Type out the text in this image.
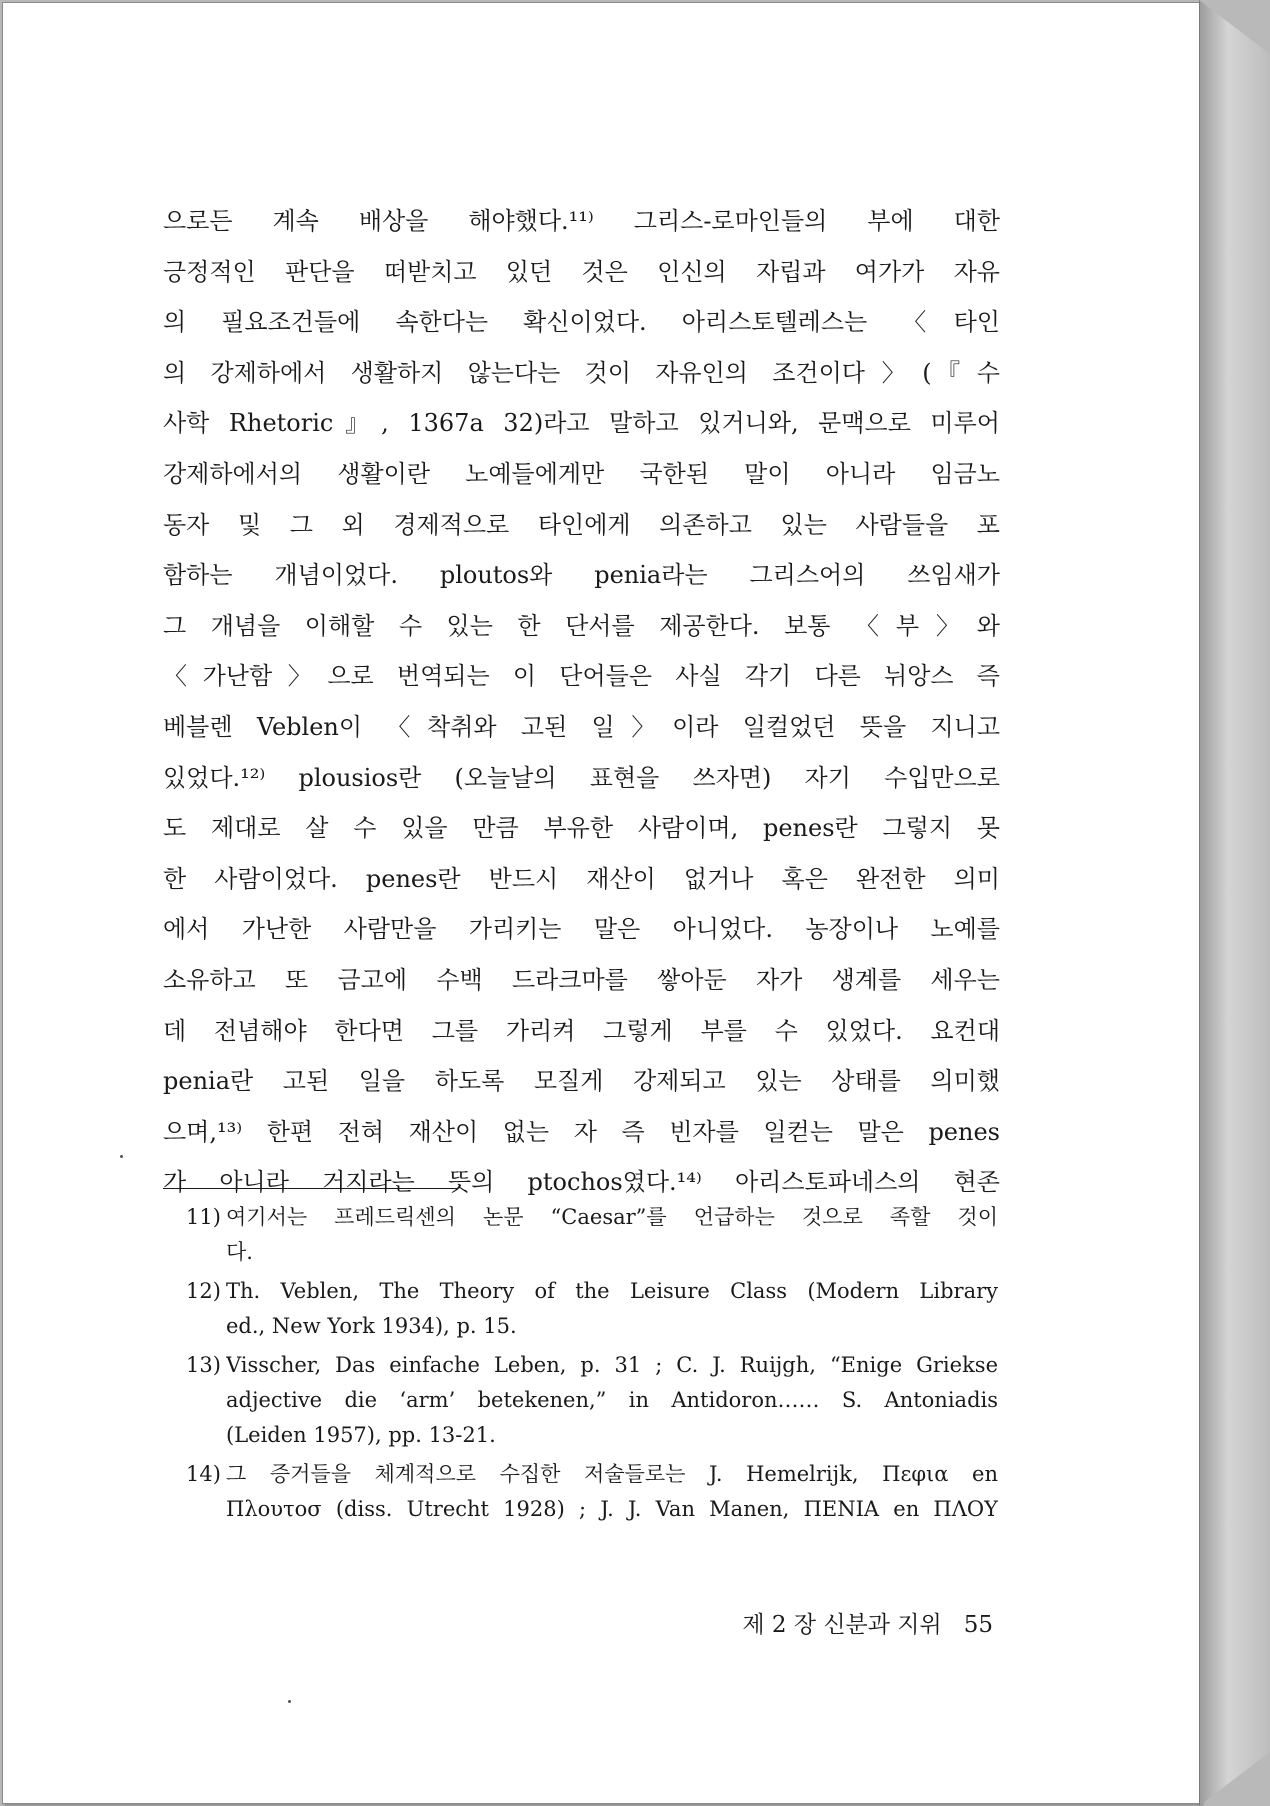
으로든 계속 배상을 해야했다.¹¹⁾ 그리스-로마인들의 부에 대한
긍정적인 판단을 떠받치고 있던 것은 인신의 자립과 여가가 자유
의 필요조건들에 속한다는 확신이었다. 아리스토텔레스는 〈타인
의 강제하에서 생활하지 않는다는 것이 자유인의 조건이다〉(『수
사학 Rhetoric』, 1367a 32)라고 말하고 있거니와, 문맥으로 미루어
강제하에서의 생활이란 노예들에게만 국한된 말이 아니라 임금노
동자 및 그 외 경제적으로 타인에게 의존하고 있는 사람들을 포
함하는 개념이었다. ploutos와 penia라는 그리스어의 쓰임새가
그 개념을 이해할 수 있는 한 단서를 제공한다. 보통 〈부〉와
〈가난함〉으로 번역되는 이 단어들은 사실 각기 다른 뉘앙스 즉
베블렌 Veblen이 〈착취와 고된 일〉이라 일컬었던 뜻을 지니고
있었다.¹²⁾ plousios란 (오늘날의 표현을 쓰자면) 자기 수입만으로
도 제대로 살 수 있을 만큼 부유한 사람이며, penes란 그렇지 못
한 사람이었다. penes란 반드시 재산이 없거나 혹은 완전한 의미
에서 가난한 사람만을 가리키는 말은 아니었다. 농장이나 노예를
소유하고 또 금고에 수백 드라크마를 쌓아둔 자가 생계를 세우는
데 전념해야 한다면 그를 가리켜 그렇게 부를 수 있었다. 요컨대
penia란 고된 일을 하도록 모질게 강제되고 있는 상태를 의미했
으며,¹³⁾ 한편 전혀 재산이 없는 자 즉 빈자를 일컫는 말은 penes
가 아니라 거지라는 뜻의 ptochos였다.¹⁴⁾ 아리스토파네스의 현존
11) 여기서는 프레드릭센의 논문 “Caesar”를 언급하는 것으로 족할 것이
다.
12) Th. Veblen, The Theory of the Leisure Class (Modern Library
ed., New York 1934), p. 15.
13) Visscher, Das einfache Leben, p. 31 ; C. J. Ruijgh, “Enige Griekse
adjective die ‘arm’ betekenen,” in Antidoron…… S. Antoniadis
(Leiden 1957), pp. 13-21.
14) 그 증거들을 체계적으로 수집한 저술들로는 J. Hemelrijk, Πεφια en
Πλουτοσ (diss. Utrecht 1928) ; J. J. Van Manen, ΠΕΝΙΑ en ΠΛΟΥ
제 2 장 신분과 지위 55
